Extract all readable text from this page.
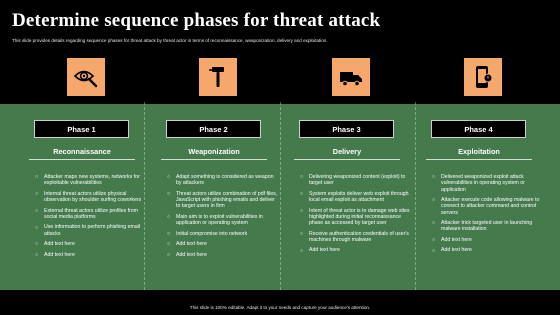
Determine sequence phases for threat attack
This slide provides details regarding sequence phases for threat attack by threat actor in terms of reconnaissance, weaponization, delivery and exploitation.
Phase 1
Reconnaissance
○ Attacker maps new systems, networks for exploitable vulnerabilities
○ Internal threat actors utilize physical observation by shoulder surfing coworkers
○ External threat actors utilize profiles from social media platforms
○ Use information to perform phishing email attacks
○ Add text here
○ Add text here
Phase 2
Weaponization
○ Adapt something is considered as weapon by attackers
○ Threat actors utilize combination of pdf files, JavaScript with phishing emails and deliver to target users in firm
○ Main aim is to exploit vulnerabilities in application or operating system
○ Initial compromise into network
○ Add text here
○ Add text here
Phase 3
Delivery
○ Delivering weaponized content (exploit) to target user
○ System exploits deliver web exploit through local email exploit as attachment
○ Intent of threat actor is to damage web sites highlighted during initial reconnaissance phase as accessed by target user
○ Receive authentication credentials of user's machines through malware
○ Add text here
Phase 4
Exploitation
○ Delivered weaponized exploit attack vulnerabilities in operating system or application
○ Attacker execute code allowing malware to connect to attacker command and control servers
○ Attacker trick targeted user in launching malware installation
○ Add text here
○ Add text here
This slide is 100% editable. Adapt it to your needs and capture your audience's attention.
